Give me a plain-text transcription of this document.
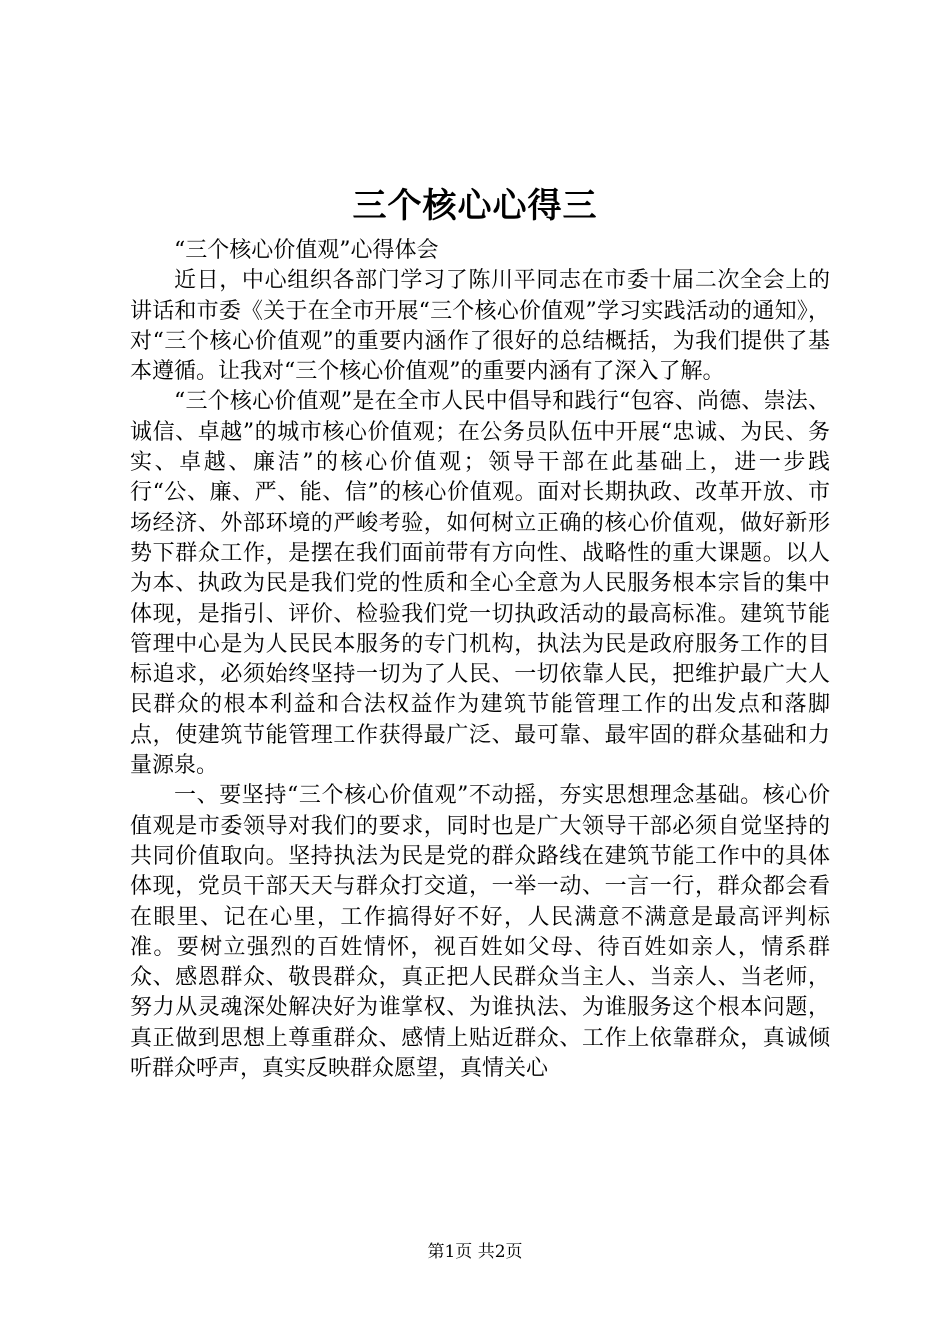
三个核心心得三

“三个核心价值观”心得体会

近日，中心组织各部门学习了陈川平同志在市委十届二次全会上的讲话和市委《关于在全市开展“三个核心价值观”学习实践活动的通知》，对“三个核心价值观”的重要内涵作了很好的总结概括，为我们提供了基本遵循。让我对“三个核心价值观”的重要内涵有了深入了解。

“三个核心价值观”是在全市人民中倡导和践行“包容、尚德、崇法、诚信、卓越”的城市核心价值观；在公务员队伍中开展“忠诚、为民、务实、卓越、廉洁”的核心价值观；领导干部在此基础上，进一步践行“公、廉、严、能、信”的核心价值观。面对长期执政、改革开放、市场经济、外部环境的严峻考验，如何树立正确的核心价值观，做好新形势下群众工作，是摆在我们面前带有方向性、战略性的重大课题。以人为本、执政为民是我们党的性质和全心全意为人民服务根本宗旨的集中体现，是指引、评价、检验我们党一切执政活动的最高标准。建筑节能管理中心是为人民民本服务的专门机构，执法为民是政府服务工作的目标追求，必须始终坚持一切为了人民、一切依靠人民，把维护最广大人民群众的根本利益和合法权益作为建筑节能管理工作的出发点和落脚点，使建筑节能管理工作获得最广泛、最可靠、最牢固的群众基础和力量源泉。

一、要坚持“三个核心价值观”不动摇，夯实思想理念基础。核心价值观是市委领导对我们的要求，同时也是广大领导干部必须自觉坚持的共同价值取向。坚持执法为民是党的群众路线在建筑节能工作中的具体体现，党员干部天天与群众打交道，一举一动、一言一行，群众都会看在眼里、记在心里，工作搞得好不好，人民满意不满意是最高评判标准。要树立强烈的百姓情怀，视百姓如父母、待百姓如亲人，情系群众、感恩群众、敬畏群众，真正把人民群众当主人、当亲人、当老师，努力从灵魂深处解决好为谁掌权、为谁执法、为谁服务这个根本问题，真正做到思想上尊重群众、感情上贴近群众、工作上依靠群众，真诚倾听群众呼声，真实反映群众愿望，真情关心

第1页 共2页
